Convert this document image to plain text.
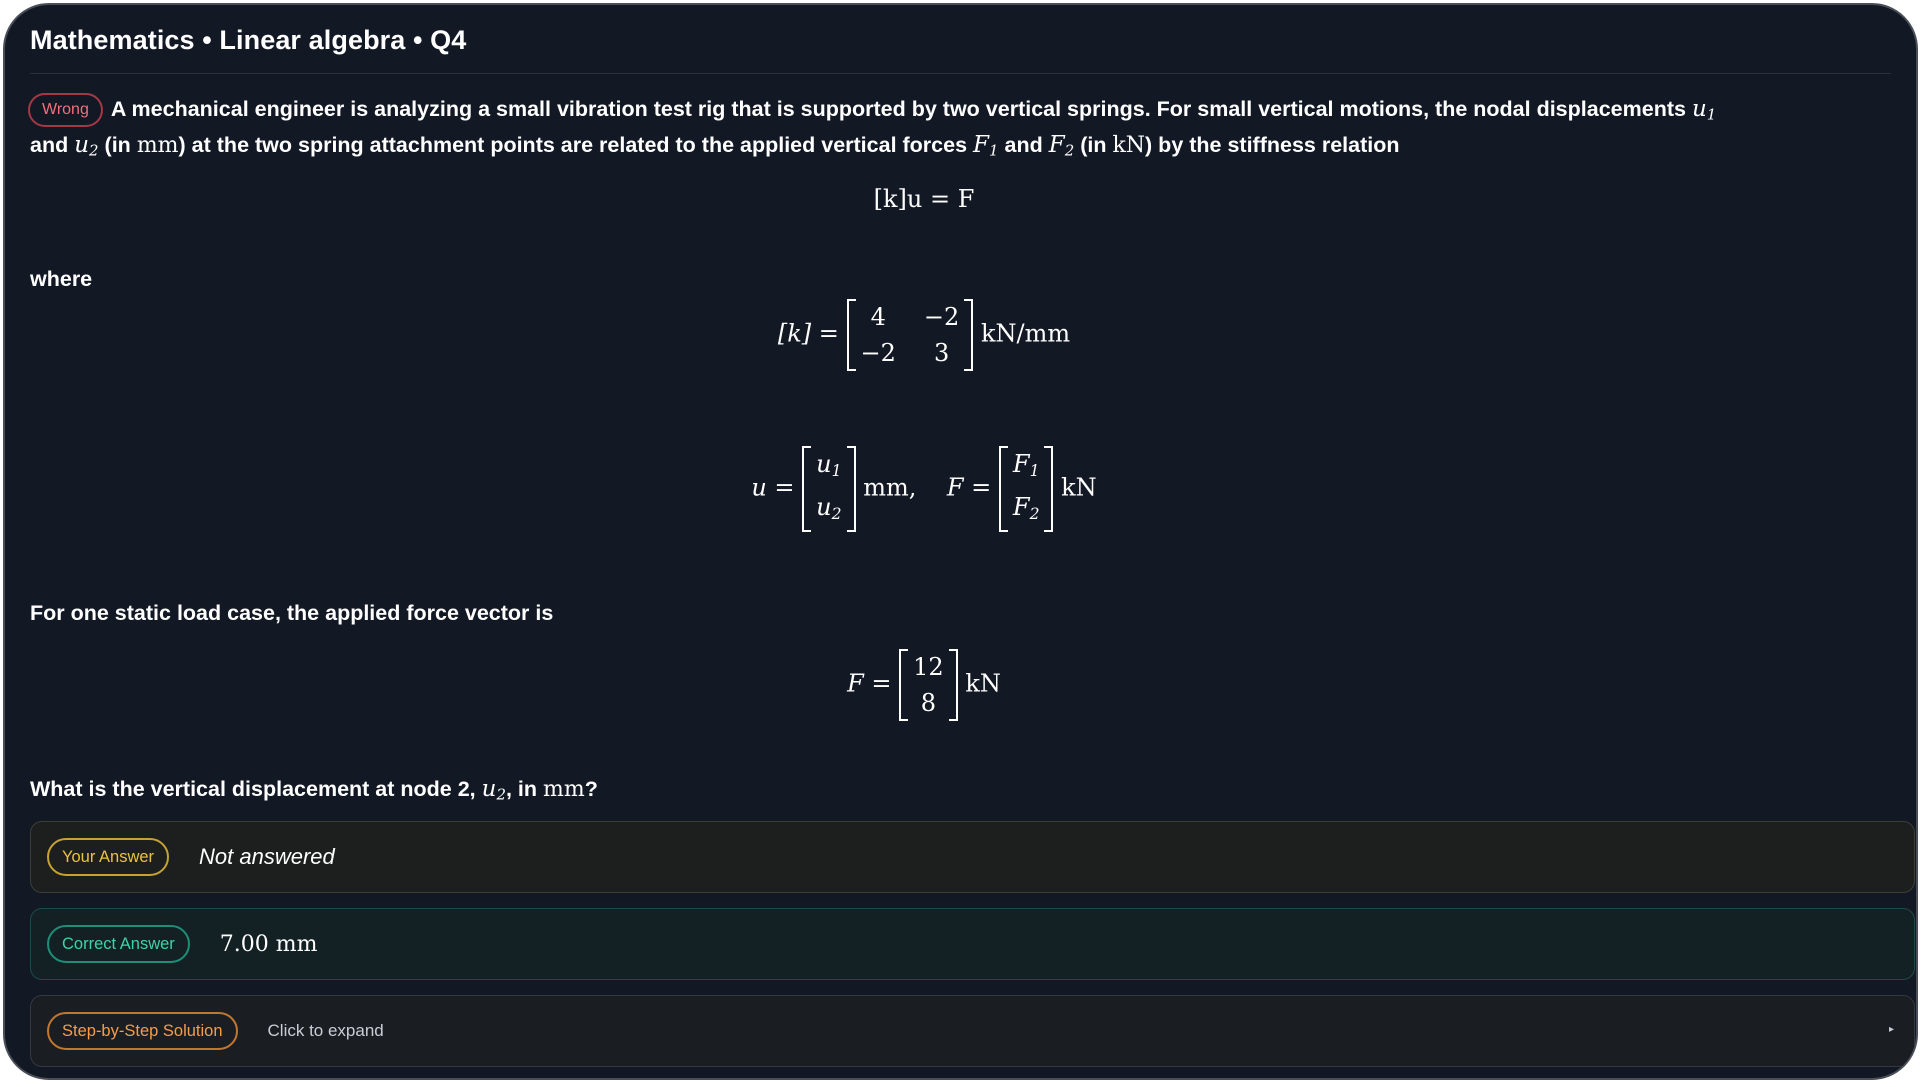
Mathematics • Linear algebra • Q4
Wrong A mechanical engineer is analyzing a small vibration test rig that is supported by two vertical springs. For small vertical motions, the nodal displacements $u_1$
and $u_2$ (in mm) at the two spring attachment points are related to the applied vertical forces $F_1$ and $F_2$ (in kN) by the stiffness relation
[k]u = F
where
[k] =
4	−2
−2	3
kN/mm
u =
$u_1$
$u_2$
mm, F =
$F_1$
$F_2$
kN
For one static load case, the applied force vector is
F =
12
8
kN
What is the vertical displacement at node 2, $u_2$, in mm?
Your Answer	Not answered
Correct Answer	7.00 mm
Step-by-Step Solution	Click to expand	▸
